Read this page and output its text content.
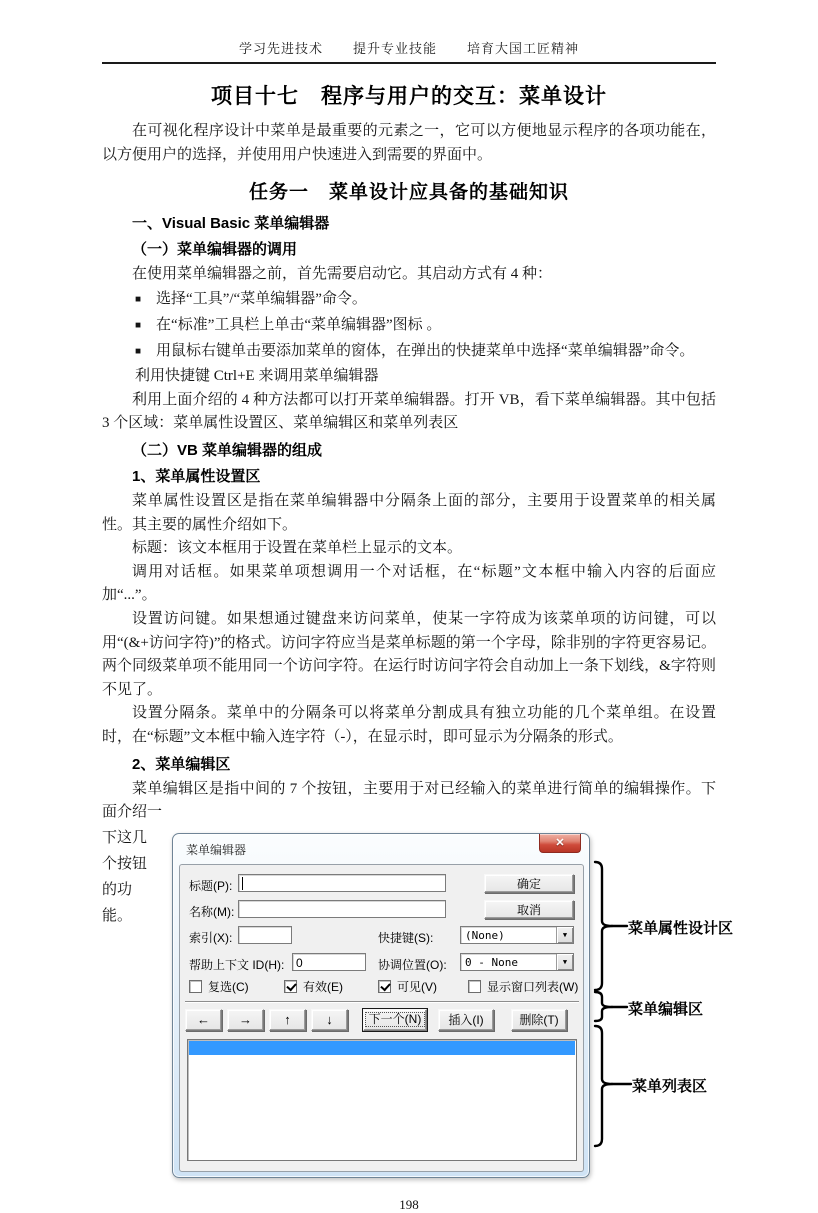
学习先进技术 提升专业技能 培育大国工匠精神
项目十七　程序与用户的交互：菜单设计

在可视化程序设计中菜单是最重要的元素之一，它可以方便地显示程序的各项功能在，以方便用户的选择，并使用用户快速进入到需要的界面中。

任务一　菜单设计应具备的基础知识
一、Visual Basic 菜单编辑器
（一）菜单编辑器的调用

在使用菜单编辑器之前，首先需要启动它。其启动方式有 4 种：

■ 选择“工具”/“菜单编辑器”命令。
■ 在“标准”工具栏上单击“菜单编辑器”图标 。
■ 用鼠标右键单击要添加菜单的窗体，在弹出的快捷菜单中选择“菜单编辑器”命令。
利用快捷键 Ctrl+E 来调用菜单编辑器

利用上面介绍的 4 种方法都可以打开菜单编辑器。打开 VB，看下菜单编辑器。其中包括 3 个区域：菜单属性设置区、菜单编辑区和菜单列表区

（二）VB 菜单编辑器的组成
1、菜单属性设置区

菜单属性设置区是指在菜单编辑器中分隔条上面的部分，主要用于设置菜单的相关属性。其主要的属性介绍如下。

标题：该文本框用于设置在菜单栏上显示的文本。

调用对话框。如果菜单项想调用一个对话框，在“标题”文本框中输入内容的后面应加“...”。

设置访问键。如果想通过键盘来访问菜单，使某一字符成为该菜单项的访问键，可以用“(&+访问字符)”的格式。访问字符应当是菜单标题的第一个字母，除非别的字符更容易记。两个同级菜单项不能用同一个访问字符。在运行时访问字符会自动加上一条下划线，&字符则不见了。

设置分隔条。菜单中的分隔条可以将菜单分割成具有独立功能的几个菜单组。在设置时，在“标题”文本框中输入连字符（-），在显示时，即可显示为分隔条的形式。

2、菜单编辑区

菜单编辑区是指中间的 7 个按钮，主要用于对已经输入的菜单进行简单的编辑操作。下面介绍一

下这几
个按钮
的功
能。
菜单编辑器	✕
标题(P):	确定
名称(M):	取消
索引(X):	快捷键(S):	(None)	▼
帮助上下文 ID(H): 0	协调位置(O): 0 - None	▼
复选(C)	有效(E)	可见(V)	显示窗口列表(W)
← → ↑	↓	下一个(N)	插入(I)	删除(T)
菜单属性设计区
菜单编辑区
菜单列表区
198
